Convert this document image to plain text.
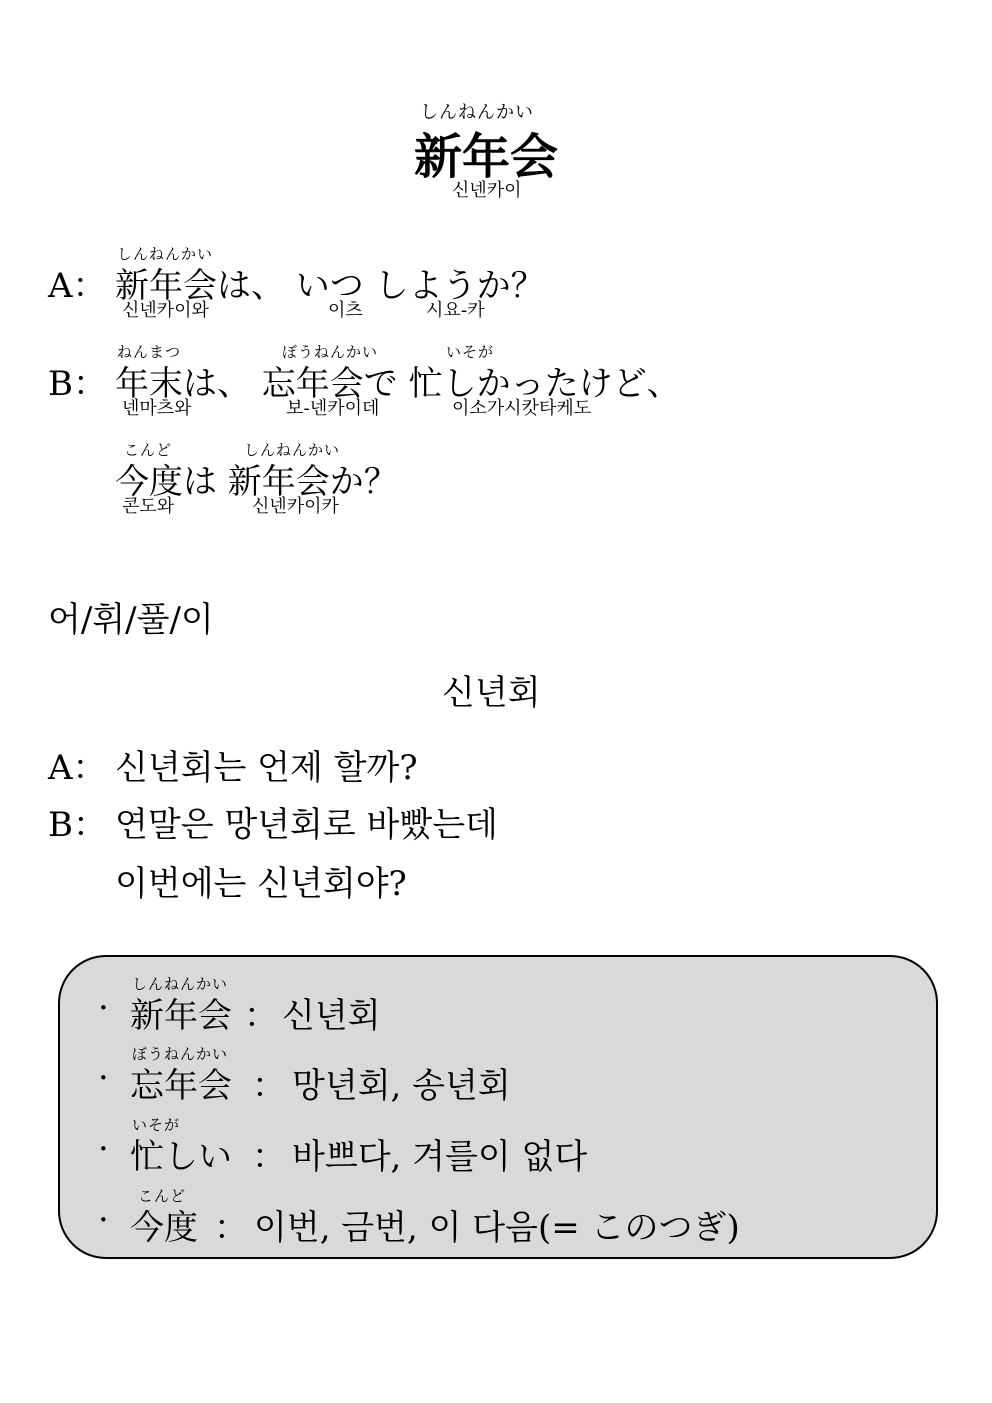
しんねんかい
新年会
신넨카이
しんねんかい
A： 新年会は、 いつ しようか？
신넨카이와	이츠	시요-카
ねんまつ	ぼうねんかい	いそが
B： 年末は、 忘年会で 忙しかったけど、
넨마츠와	보-넨카이데	이소가시캇타케도
こんど	しんねんかい
今度は 新年会か？
콘도와	신넨카이카
어/휘/풀/이
신년회
A： 신년회는 언제 할까?
B： 연말은 망년회로 바빴는데
이번에는 신년회야?
しんねんかい
· 新年会 ： 신년회
ぼうねんかい
· 忘年会 ： 망년회, 송년회
いそが
· 忙しい ： 바쁘다, 겨를이 없다
こんど
· 今度 ： 이번, 금번, 이 다음(= このつぎ)
